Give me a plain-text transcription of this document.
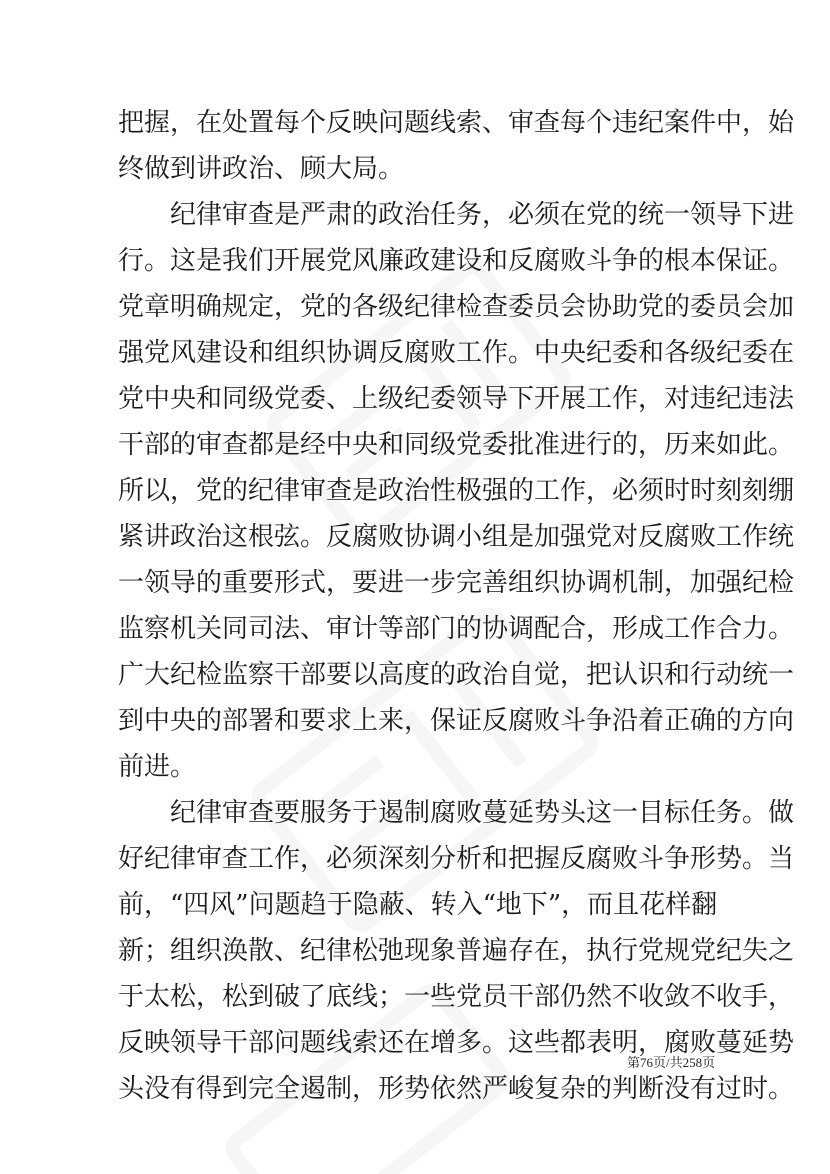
把握，在处置每个反映问题线索、审查每个违纪案件中，始
终做到讲政治、顾大局。
纪律审查是严肃的政治任务，必须在党的统一领导下进
行。这是我们开展党风廉政建设和反腐败斗争的根本保证。
党章明确规定，党的各级纪律检查委员会协助党的委员会加
强党风建设和组织协调反腐败工作。中央纪委和各级纪委在
党中央和同级党委、上级纪委领导下开展工作，对违纪违法
干部的审查都是经中央和同级党委批准进行的，历来如此。
所以，党的纪律审查是政治性极强的工作，必须时时刻刻绷
紧讲政治这根弦。反腐败协调小组是加强党对反腐败工作统
一领导的重要形式，要进一步完善组织协调机制，加强纪检
监察机关同司法、审计等部门的协调配合，形成工作合力。
广大纪检监察干部要以高度的政治自觉，把认识和行动统一
到中央的部署和要求上来，保证反腐败斗争沿着正确的方向
前进。
纪律审查要服务于遏制腐败蔓延势头这一目标任务。做
好纪律审查工作，必须深刻分析和把握反腐败斗争形势。当
前，“四风”问题趋于隐蔽、转入“地下”，而且花样翻
新；组织涣散、纪律松弛现象普遍存在，执行党规党纪失之
于太松，松到破了底线；一些党员干部仍然不收敛不收手，
反映领导干部问题线索还在增多。这些都表明，腐败蔓延势
头没有得到完全遏制，形势依然严峻复杂的判断没有过时。
第76页/共258页
